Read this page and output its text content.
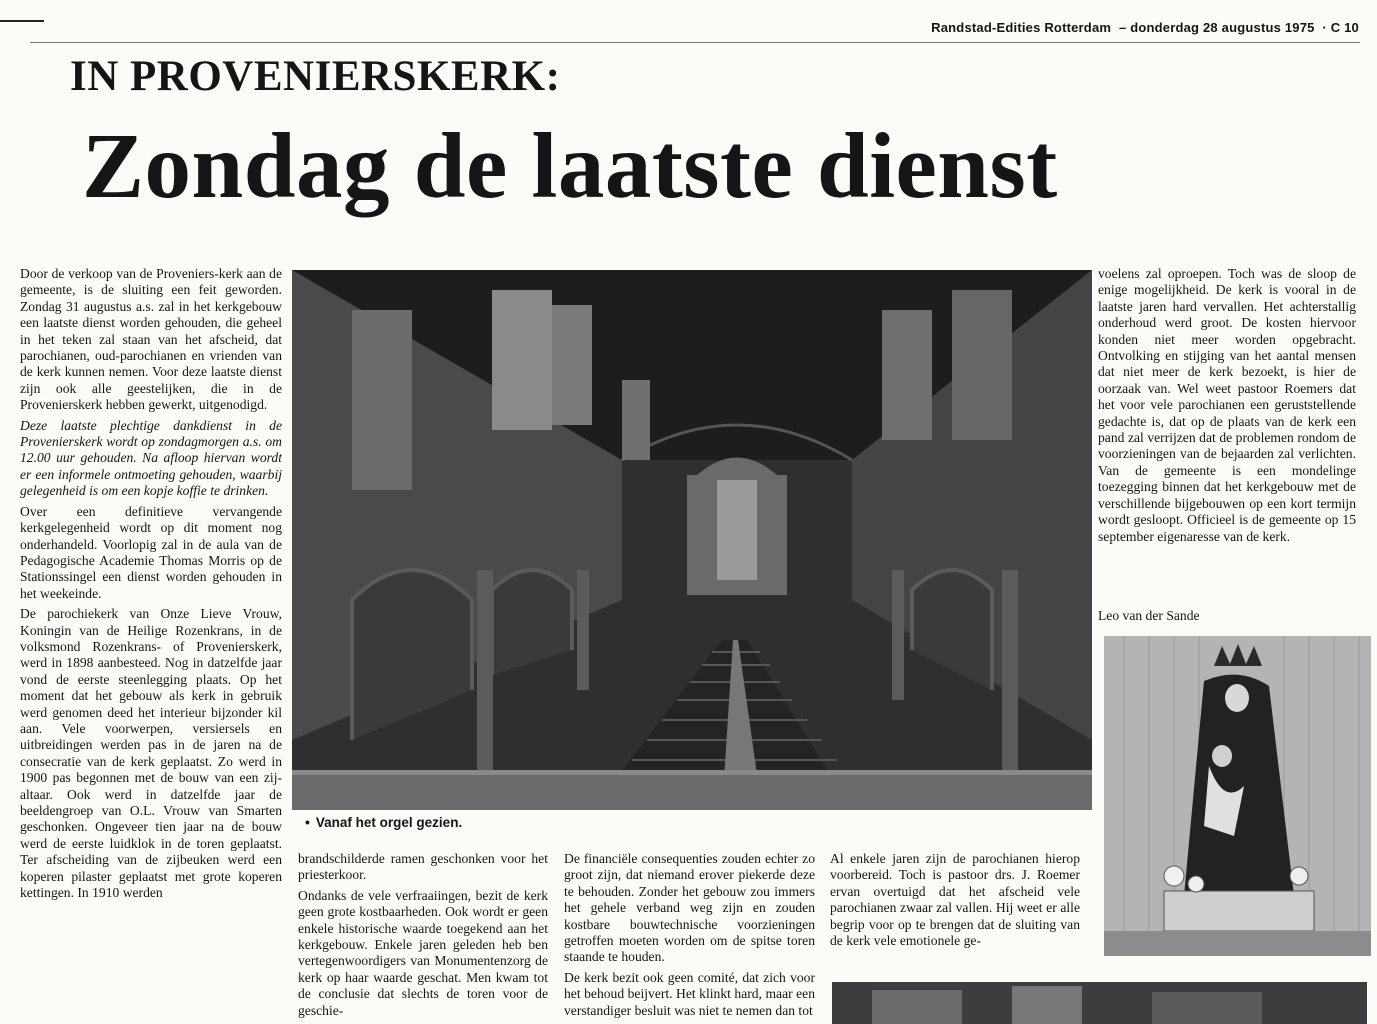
Randstad-Edities Rotterdam – donderdag 28 augustus 1975 · C 10
IN PROVENIERSKERK:
Zondag de laatste dienst

Door de verkoop van de Proveniers-kerk aan de gemeente, is de sluiting een feit geworden. Zondag 31 augustus a.s. zal in het kerkgebouw een laatste dienst worden gehouden, die geheel in het teken zal staan van het afscheid, dat parochianen, oud-parochianen en vrienden van de kerk kunnen nemen. Voor deze laatste dienst zijn ook alle geestelijken, die in de Provenierskerk hebben gewerkt, uitgenodigd.

Deze laatste plechtige dankdienst in de Provenierskerk wordt op zondagmorgen a.s. om 12.00 uur gehouden. Na afloop hiervan wordt er een informele ontmoeting gehouden, waarbij gelegenheid is om een kopje koffie te drinken.

Over een definitieve vervangende kerkgelegenheid wordt op dit moment nog onderhandeld. Voorlopig zal in de aula van de Pedagogische Academie Thomas Morris op de Stationssingel een dienst worden gehouden in het weekeinde.

De parochiekerk van Onze Lieve Vrouw, Koningin van de Heilige Rozenkrans, in de volksmond Rozenkrans- of Provenierskerk, werd in 1898 aanbesteed. Nog in datzelfde jaar vond de eerste steenlegging plaats. Op het moment dat het gebouw als kerk in gebruik werd genomen deed het interieur bijzonder kil aan. Vele voorwerpen, versiersels en uitbreidingen werden pas in de jaren na de consecratie van de kerk geplaatst. Zo werd in 1900 pas begonnen met de bouw van een zij-altaar. Ook werd in datzelfde jaar de beeldengroep van O.L. Vrouw van Smarten geschonken. Ongeveer tien jaar na de bouw werd de eerste luidklok in de toren geplaatst. Ter afscheiding van de zijbeuken werd een koperen pilaster geplaatst met grote koperen kettingen. In 1910 werden

• Vanaf het orgel gezien.

brandschilderde ramen geschonken voor het priesterkoor.

Ondanks de vele verfraaiingen, bezit de kerk geen grote kostbaarheden. Ook wordt er geen enkele historische waarde toegekend aan het kerkgebouw. Enkele jaren geleden heb ben vertegenwoordigers van Monumentenzorg de kerk op haar waarde geschat. Men kwam tot de conclusie dat slechts de toren voor de geschie-

De financiële consequenties zouden echter zo groot zijn, dat niemand erover piekerde deze te behouden. Zonder het gebouw zou immers het gehele verband weg zijn en zouden kostbare bouwtechnische voorzieningen getroffen moeten worden om de spitse toren staande te houden.

De kerk bezit ook geen comité, dat zich voor het behoud beijvert. Het klinkt hard, maar een verstandiger besluit was niet te nemen dan tot

Al enkele jaren zijn de parochianen hierop voorbereid. Toch is pastoor drs. J. Roemer ervan overtuigd dat het afscheid vele parochianen zwaar zal vallen. Hij weet er alle begrip voor op te brengen dat de sluiting van de kerk vele emotionele ge-

voelens zal oproepen. Toch was de sloop de enige mogelijkheid. De kerk is vooral in de laatste jaren hard vervallen. Het achterstallig onderhoud werd groot. De kosten hiervoor konden niet meer worden opgebracht. Ontvolking en stijging van het aantal mensen dat niet meer de kerk bezoekt, is hier de oorzaak van. Wel weet pastoor Roemers dat het voor vele parochianen een geruststellende gedachte is, dat op de plaats van de kerk een pand zal verrijzen dat de problemen rondom de voorzieningen van de bejaarden zal verlichten. Van de gemeente is een mondelinge toezegging binnen dat het kerkgebouw met de verschillende bijgebouwen op een kort termijn wordt gesloopt. Officieel is de gemeente op 15 september eigenaresse van de kerk.

Leo van der Sande
